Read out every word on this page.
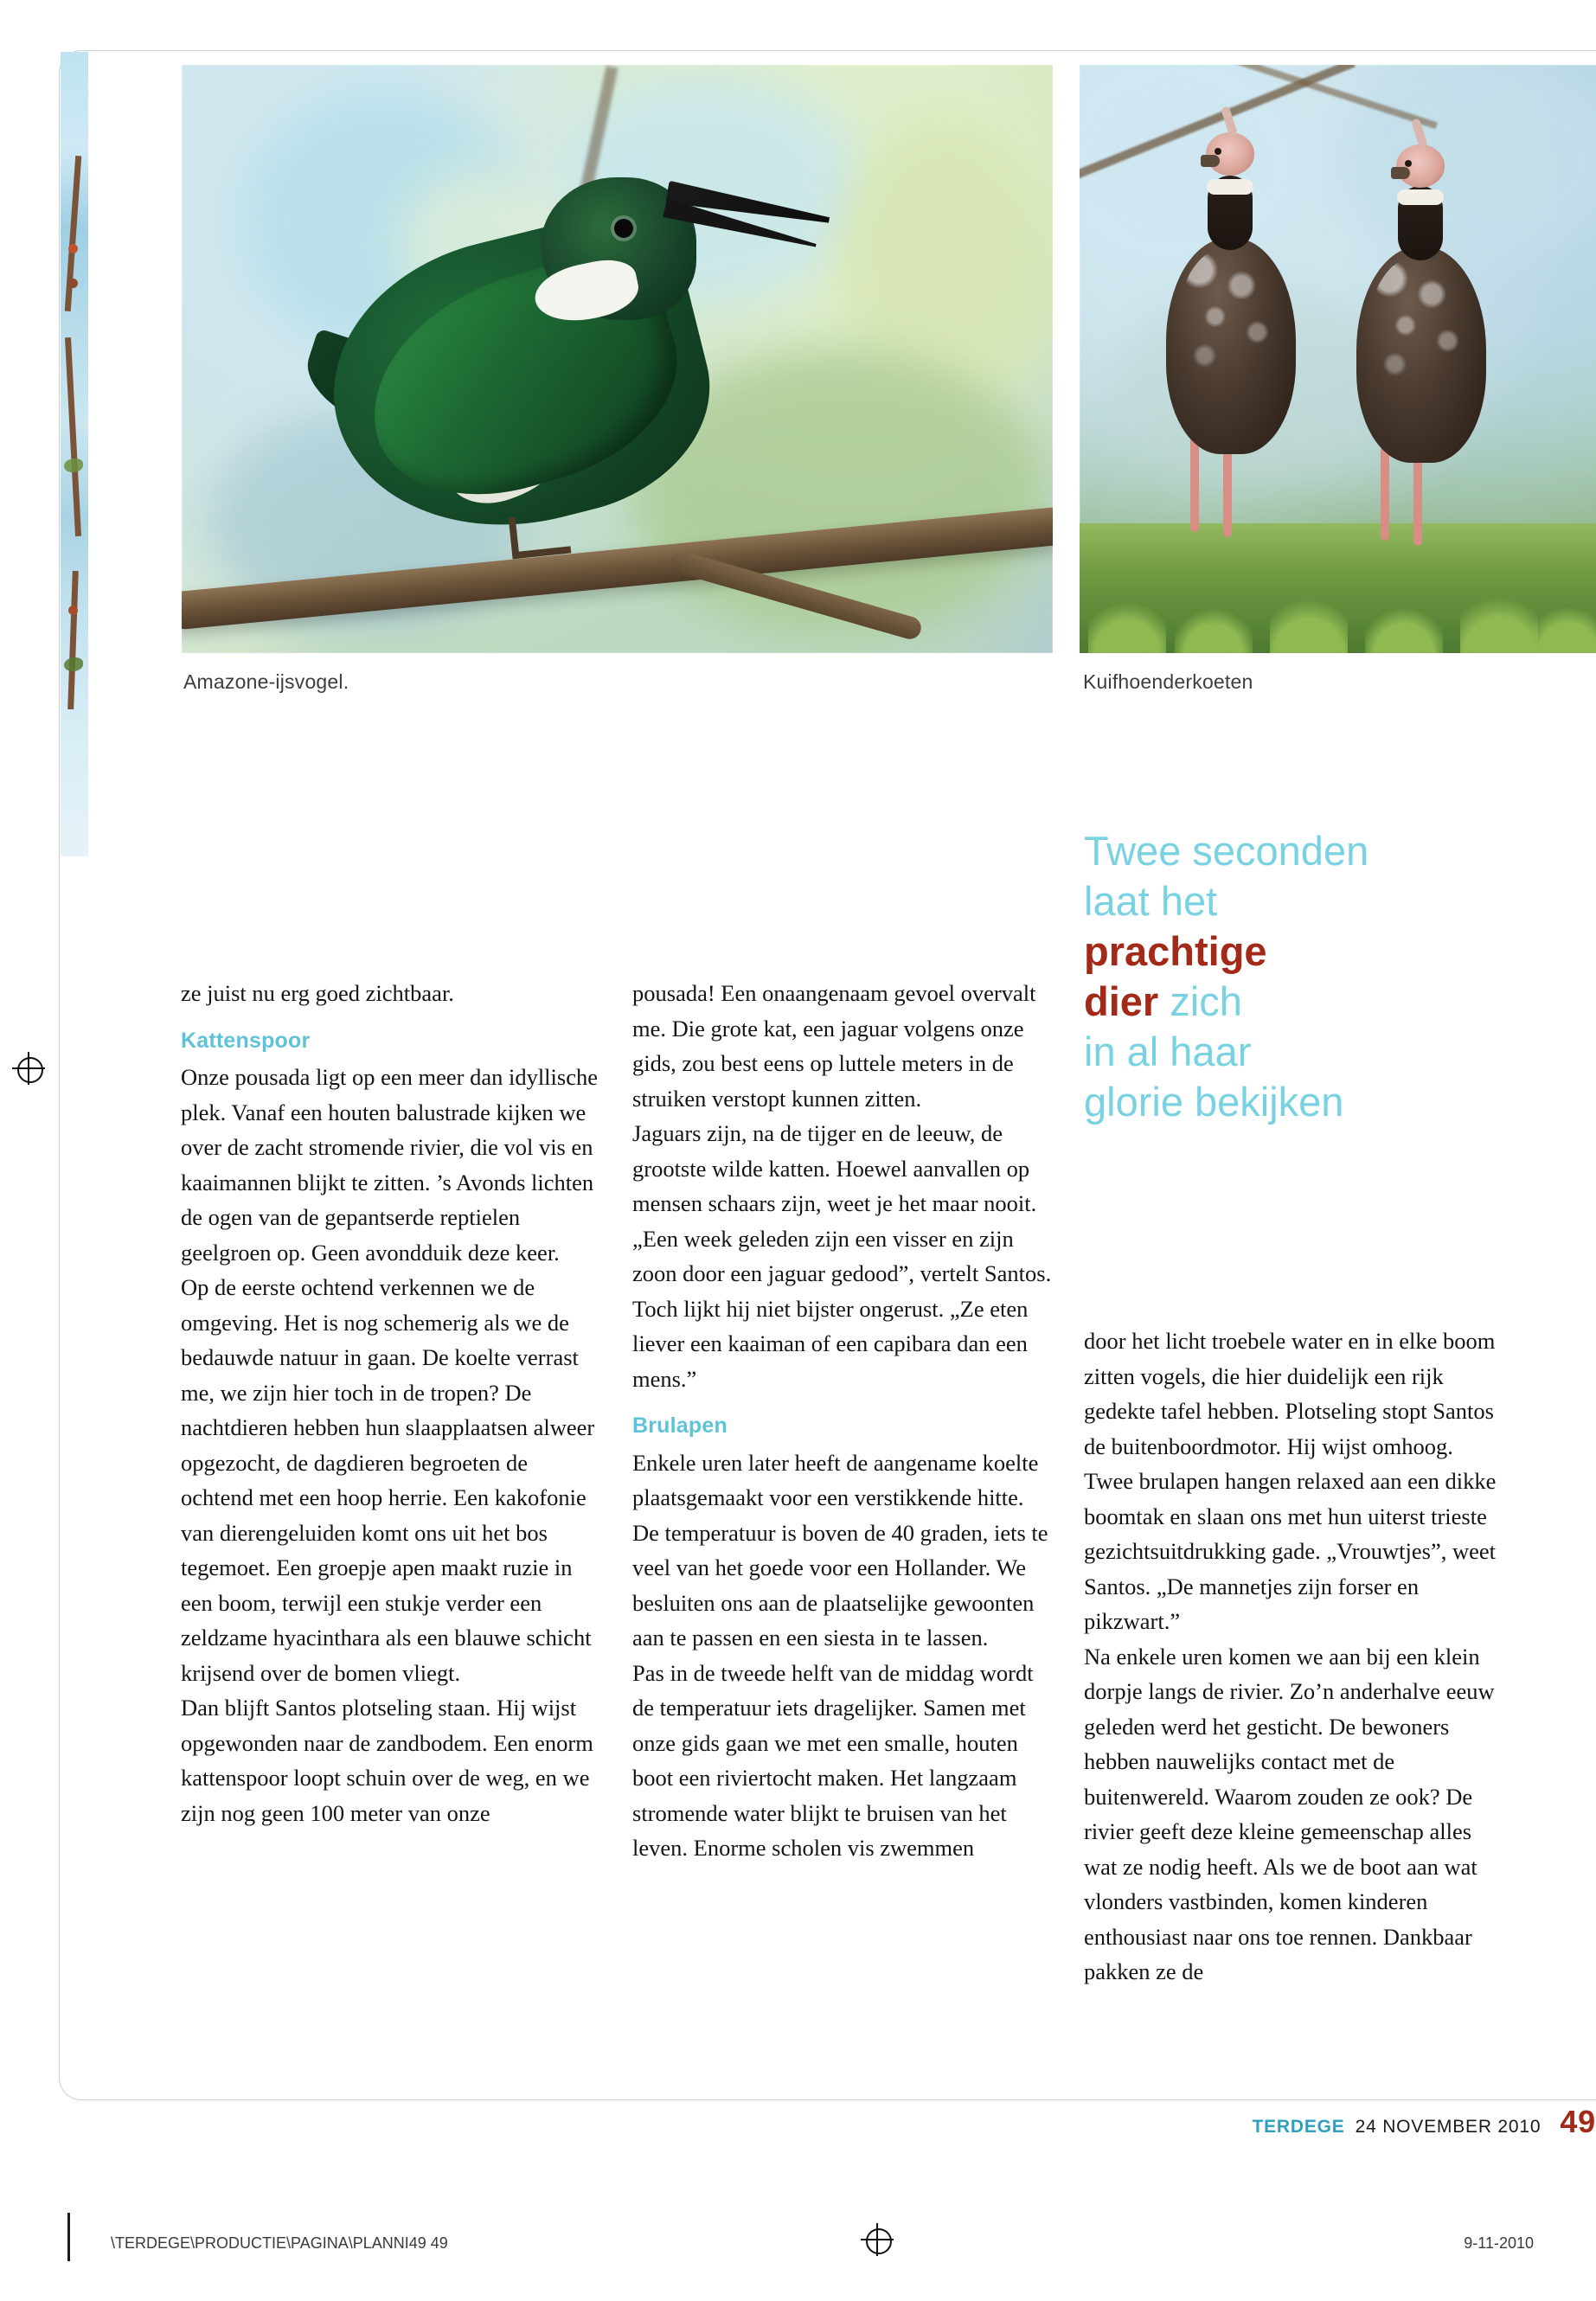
Amazone-ijsvogel.	Kuifhoenderkoeten
Twee seconden
laat het
prachtige
dier zich
in al haar
glorie bekijken

ze juist nu erg goed zichtbaar.

Kattenspoor

Onze pousada ligt op een meer dan idyllische plek. Vanaf een houten balustrade kijken we over de zacht stromende rivier, die vol vis en kaaimannen blijkt te zitten. ’s Avonds lichten de ogen van de gepantserde reptielen geelgroen op. Geen avondduik deze keer.

Op de eerste ochtend verkennen we de omgeving. Het is nog schemerig als we de bedauwde natuur in gaan. De koelte verrast me, we zijn hier toch in de tropen? De nachtdieren hebben hun slaapplaatsen alweer opgezocht, de dagdieren begroeten de ochtend met een hoop herrie. Een kakofonie van dierengeluiden komt ons uit het bos tegemoet. Een groepje apen maakt ruzie in een boom, terwijl een stukje verder een zeldzame hyacinthara als een blauwe schicht krijsend over de bomen vliegt.

Dan blijft Santos plotseling staan. Hij wijst opgewonden naar de zandbodem. Een enorm kattenspoor loopt schuin over de weg, en we zijn nog geen 100 meter van onze

pousada! Een onaangenaam gevoel overvalt me. Die grote kat, een jaguar volgens onze gids, zou best eens op luttele meters in de struiken verstopt kunnen zitten.

Jaguars zijn, na de tijger en de leeuw, de grootste wilde katten. Hoewel aanvallen op mensen schaars zijn, weet je het maar nooit. „Een week geleden zijn een visser en zijn zoon door een jaguar gedood”, vertelt Santos. Toch lijkt hij niet bijster ongerust. „Ze eten liever een kaaiman of een capibara dan een mens.”

Brulapen

Enkele uren later heeft de aangename koelte plaatsgemaakt voor een verstikkende hitte. De temperatuur is boven de 40 graden, iets te veel van het goede voor een Hollander. We besluiten ons aan de plaatselijke gewoonten aan te passen en een siesta in te lassen.

Pas in de tweede helft van de middag wordt de temperatuur iets dragelijker. Samen met onze gids gaan we met een smalle, houten boot een riviertocht maken. Het langzaam stromende water blijkt te bruisen van het leven. Enorme scholen vis zwemmen

door het licht troebele water en in elke boom zitten vogels, die hier duidelijk een rijk gedekte tafel hebben. Plotseling stopt Santos de buitenboordmotor. Hij wijst omhoog. Twee brulapen hangen relaxed aan een dikke boomtak en slaan ons met hun uiterst trieste gezichtsuitdrukking gade. „Vrouwtjes”, weet Santos. „De mannetjes zijn forser en pikzwart.”

Na enkele uren komen we aan bij een klein dorpje langs de rivier. Zo’n anderhalve eeuw geleden werd het gesticht. De bewoners hebben nauwelijks contact met de buitenwereld. Waarom zouden ze ook? De rivier geeft deze kleine gemeenschap alles wat ze nodig heeft. Als we de boot aan wat vlonders vastbinden, komen kinderen enthousiast naar ons toe rennen. Dankbaar pakken ze de

TERDEGE 24 NOVEMBER 2010 49
\TERDEGE\PRODUCTIE\PAGINA\PLANNI49 49	9-11-2010
